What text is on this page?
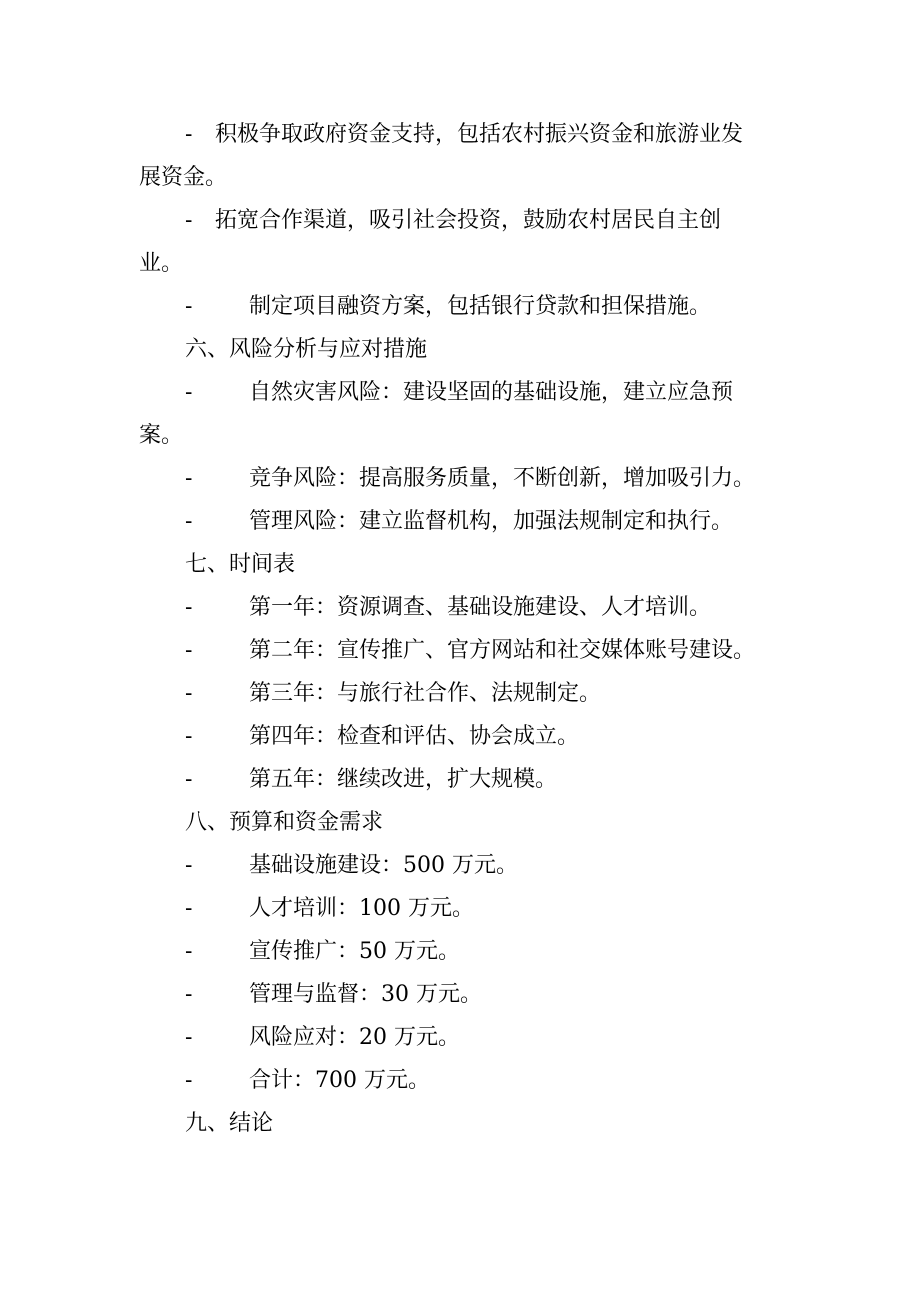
-	积极争取政府资金支持，包括农村振兴资金和旅游业发
展资金。
-	拓宽合作渠道，吸引社会投资，鼓励农村居民自主创
业。
-	制定项目融资方案，包括银行贷款和担保措施。
六、风险分析与应对措施
-	自然灾害风险：建设坚固的基础设施，建立应急预
案。
-	竞争风险：提高服务质量，不断创新，增加吸引力。
-	管理风险：建立监督机构，加强法规制定和执行。
七、时间表
-	第一年：资源调查、基础设施建设、人才培训。
-	第二年：宣传推广、官方网站和社交媒体账号建设。
-	第三年：与旅行社合作、法规制定。
-	第四年：检查和评估、协会成立。
-	第五年：继续改进，扩大规模。
八、预算和资金需求
-	基础设施建设：500 万元。
-	人才培训：100 万元。
-	宣传推广：50 万元。
-	管理与监督：30 万元。
-	风险应对：20 万元。
-	合计：700 万元。
九、结论
